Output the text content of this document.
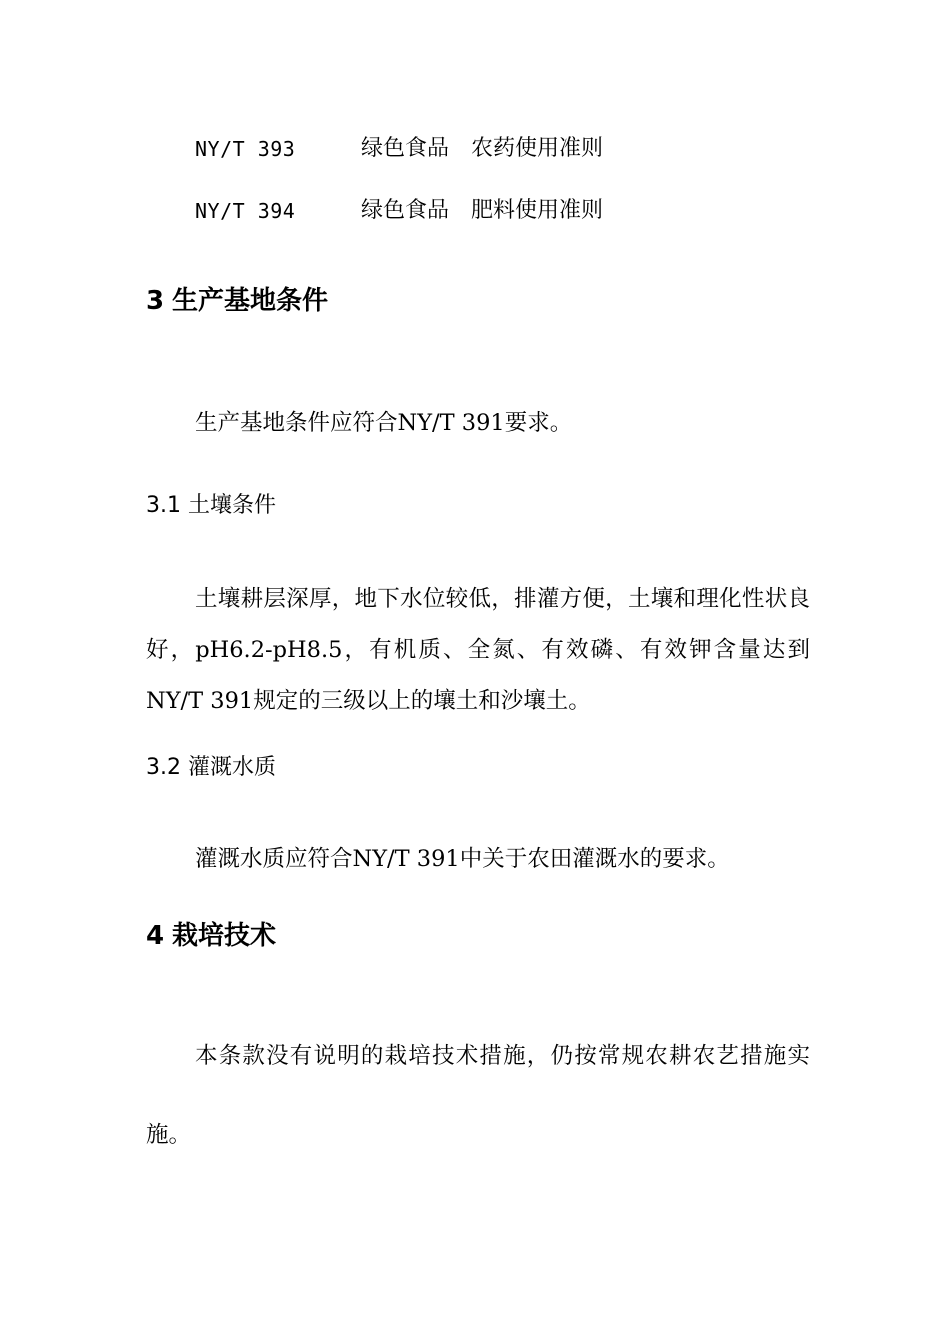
NY/T 393	绿色食品　农药使用准则
NY/T 394	绿色食品　肥料使用准则
3 生产基地条件

生产基地条件应符合NY/T 391要求。

3.1 土壤条件

土壤耕层深厚，地下水位较低，排灌方便，土壤和理化性状良好，pH6.2-pH8.5，有机质、全氮、有效磷、有效钾含量达到NY/T 391规定的三级以上的壤土和沙壤土。

3.2 灌溉水质

灌溉水质应符合NY/T 391中关于农田灌溉水的要求。

4 栽培技术

本条款没有说明的栽培技术措施，仍按常规农耕农艺措施实施。
